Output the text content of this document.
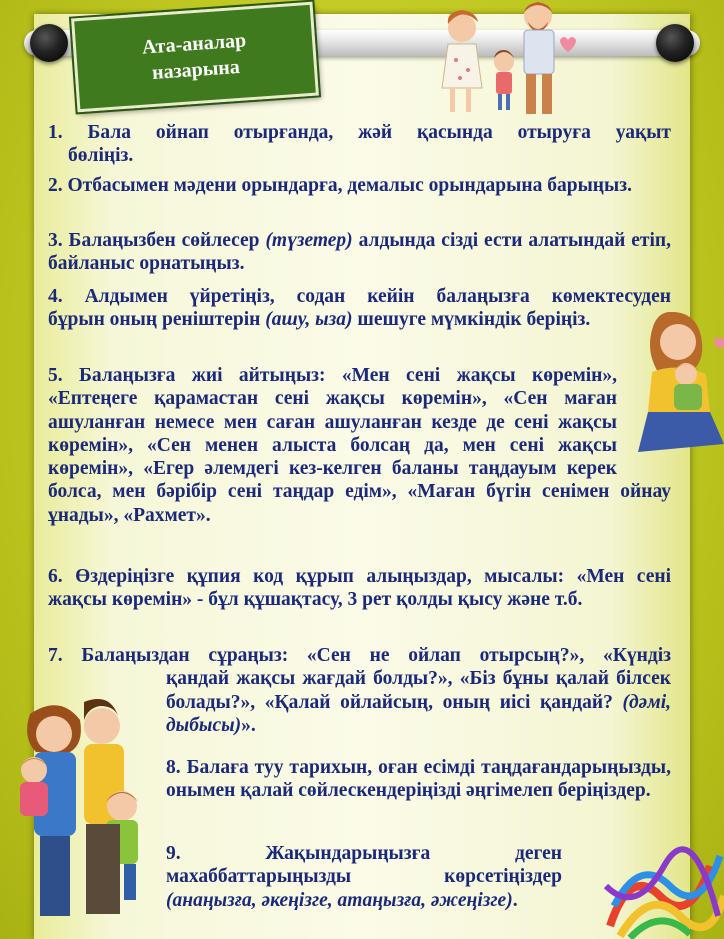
Ата-аналар
назарына
1. Бала ойнап отырғанда, жәй қасында отыруға уақыт
бөліңіз.
2. Отбасымен мәдени орындарға, демалыс орындарына барыңыз.
3. Балаңызбен сөйлесер (түзетер) алдында сізді ести алатындай етіп, байланыс орнатыңыз.
4. Алдымен үйретіңіз, содан кейін балаңызға көмектесуден
бұрын оның реніштерін (ашу, ыза) шешуге мүмкіндік беріңіз.
5. Балаңызға жиі айтыңыз: «Мен сені жақсы көремін», «Ептеңеге қарамастан сені жақсы көремін», «Сен маған ашуланған немесе мен саған ашуланған кезде де сені жақсы көремін», «Сен менен алыста болсаң да, мен сені жақсы көремін», «Егер әлемдегі кез-келген баланы таңдауым керек болса, мен бәрібір сені таңдар едім», «Маған бүгін сенімен ойнау ұнады», «Рахмет».
6. Өздеріңізге құпия код құрып алыңыздар, мысалы: «Мен сені жақсы көремін» - бұл құшақтасу, 3 рет қолды қысу және т.б.
7. Балаңыздан сұраңыз: «Сен не ойлап отырсың?», «Күндіз
қандай жақсы жағдай болды?», «Біз бұны қалай білсек болады?», «Қалай ойлайсың, оның иісі қандай? (дәмі, дыбысы)».
8. Балаға туу тарихын, оған есімді таңдағандарыңызды, онымен қалай сөйлескендеріңізді әңгімелеп беріңіздер.
9.	Жақындарыңызға деген махаббаттарыңызды көрсетіңіздер (анаңызға, әкеңізге, атаңызға, әжеңізге).
